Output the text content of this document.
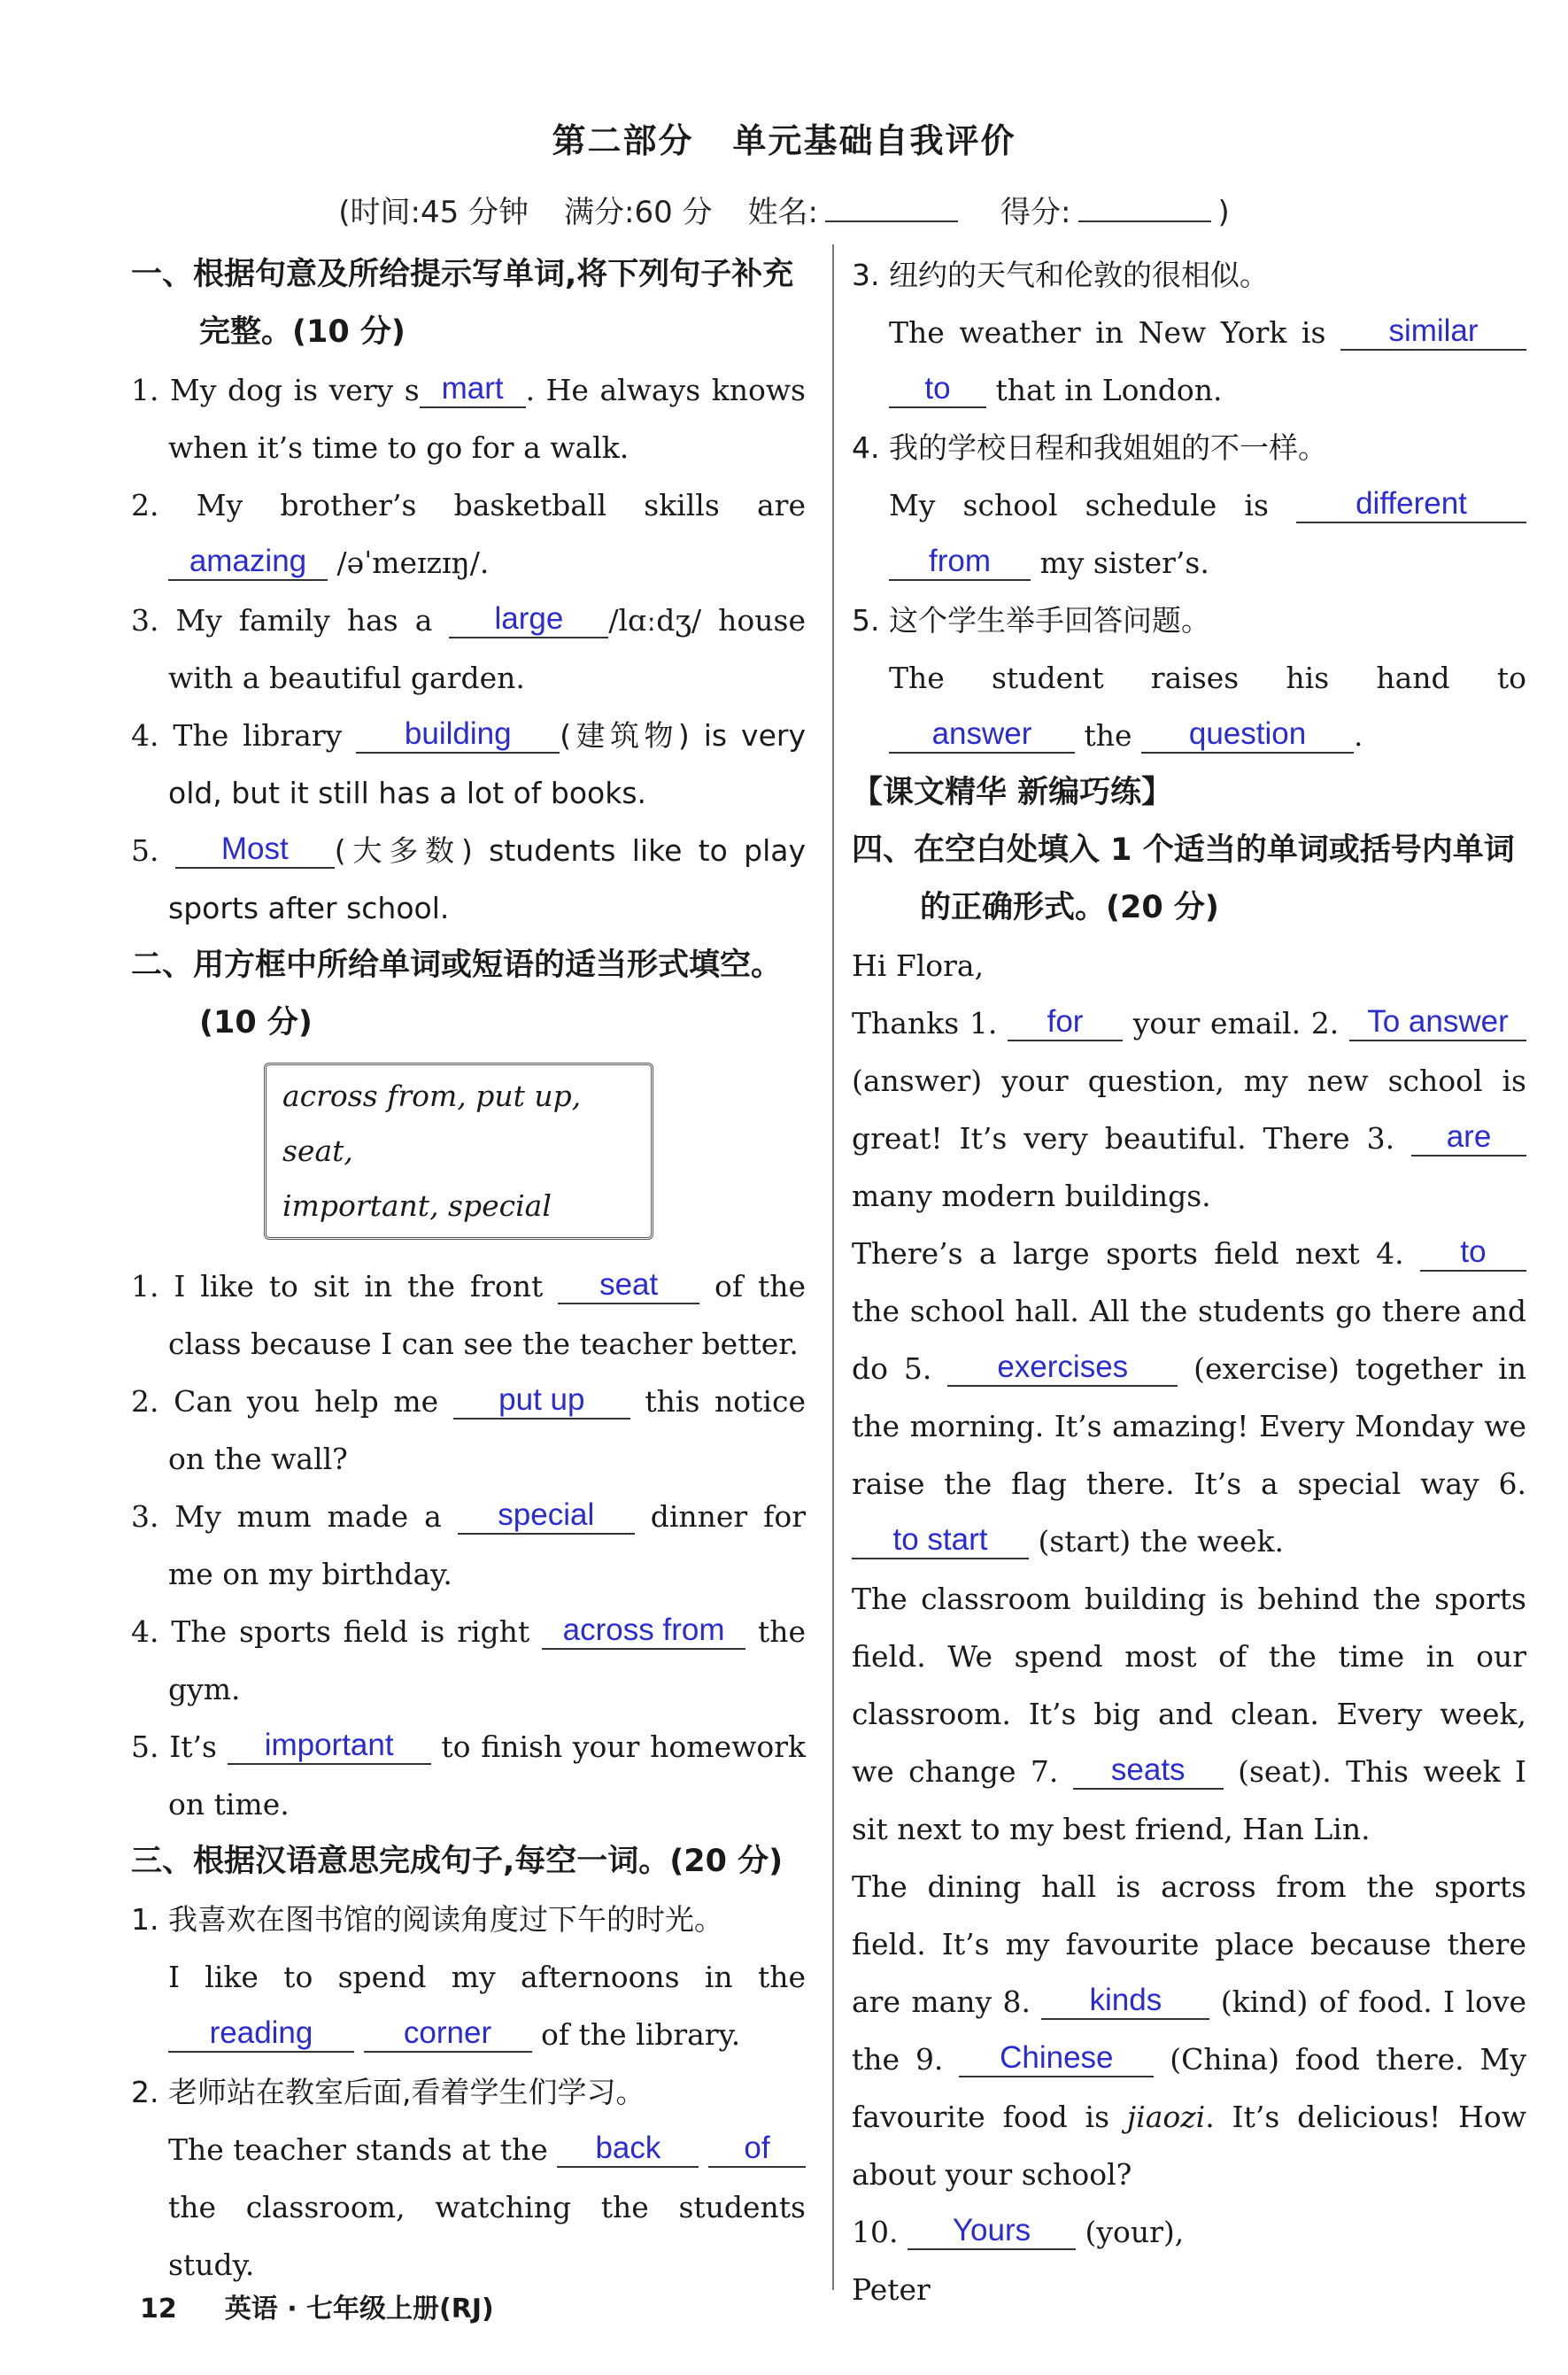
第二部分 单元基础自我评价
(时间:45 分钟 满分:60 分 姓名:	得分:	)
一、根据句意及所给提示写单词,将下列句子补充完整。(10 分)
1. My dog is very s mart . He always knows when it’s time to go for a walk.
2. My brother’s basketball skills are amazing /əˈmeɪzɪŋ/.
3. My family has a large /lɑːdʒ/ house with a beautiful garden.
4. The library building (建筑物) is very old, but it still has a lot of books.
5. Most (大多数) students like to play sports after school.
二、用方框中所给单词或短语的适当形式填空。(10 分)
across from, put up, seat,
important, special
1. I like to sit in the front seat of the class because I can see the teacher better.
2. Can you help me put up this notice on the wall?
3. My mum made a special dinner for me on my birthday.
4. The sports field is right across from the gym.
5. It’s important to finish your homework on time.
三、根据汉语意思完成句子,每空一词。(20 分)
1. 我喜欢在图书馆的阅读角度过下午的时光。
I like to spend my afternoons in the reading	corner of the library.
2. 老师站在教室后面,看着学生们学习。
The teacher stands at the back	of the classroom, watching the students study.
3. 纽约的天气和伦敦的很相似。
The weather in New York is similar to that in London.
4. 我的学校日程和我姐姐的不一样。
My school schedule is different from my sister’s.
5. 这个学生举手回答问题。
The student raises his hand to answer the question .
【课文精华 新编巧练】
四、在空白处填入 1 个适当的单词或括号内单词的正确形式。(20 分)

Hi Flora,

Thanks 1. for your email. 2. To answer (answer) your question, my new school is great! It’s very beautiful. There 3. are many modern buildings.

There’s a large sports field next 4. to the school hall. All the students go there and do 5. exercises (exercise) together in the morning. It’s amazing! Every Monday we raise the flag there. It’s a special way 6. to start (start) the week.

The classroom building is behind the sports field. We spend most of the time in our classroom. It’s big and clean. Every week, we change 7. seats (seat). This week I sit next to my best friend, Han Lin.

The dining hall is across from the sports field. It’s my favourite place because there are many 8. kinds (kind) of food. I love the 9. Chinese (China) food there. My favourite food is jiaozi. It’s delicious! How about your school?

10. Yours (your),

Peter

12 英语 · 七年级上册(RJ)
